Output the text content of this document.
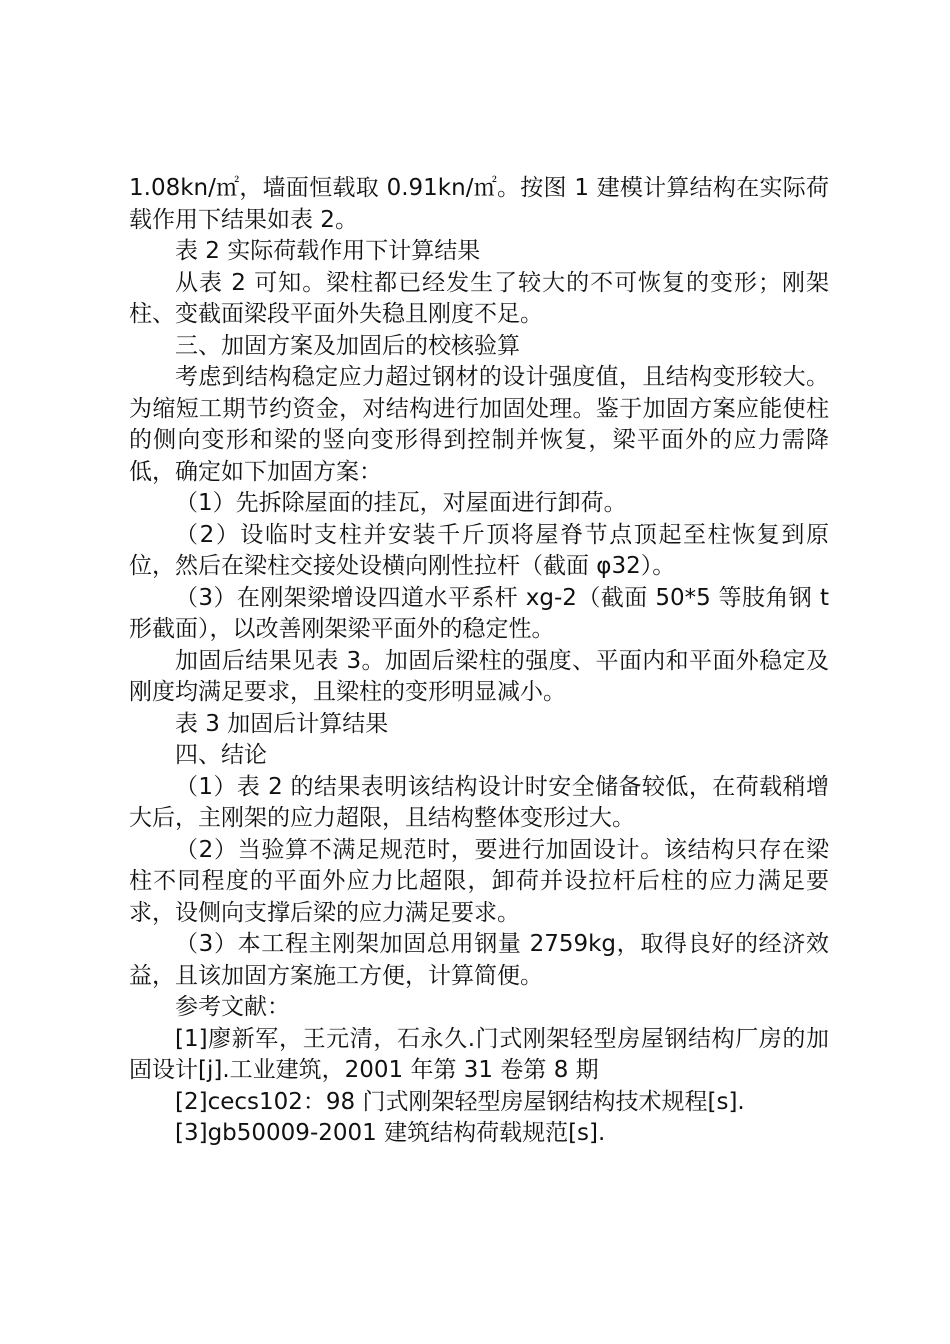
1.08kn/㎡，墙面恒载取 0.91kn/㎡。按图 1 建模计算结构在实际荷载作用下结果如表 2。

表 2 实际荷载作用下计算结果

从表 2 可知。梁柱都已经发生了较大的不可恢复的变形；刚架柱、变截面梁段平面外失稳且刚度不足。

三、加固方案及加固后的校核验算

考虑到结构稳定应力超过钢材的设计强度值，且结构变形较大。为缩短工期节约资金，对结构进行加固处理。鉴于加固方案应能使柱的侧向变形和梁的竖向变形得到控制并恢复，梁平面外的应力需降低，确定如下加固方案：

（1）先拆除屋面的挂瓦，对屋面进行卸荷。

（2）设临时支柱并安装千斤顶将屋脊节点顶起至柱恢复到原位，然后在梁柱交接处设横向刚性拉杆（截面 φ32）。

（3）在刚架梁增设四道水平系杆 xg-2（截面 50*5 等肢角钢 t 形截面），以改善刚架梁平面外的稳定性。

加固后结果见表 3。加固后梁柱的强度、平面内和平面外稳定及刚度均满足要求，且梁柱的变形明显减小。

表 3 加固后计算结果

四、结论

（1）表 2 的结果表明该结构设计时安全储备较低，在荷载稍增大后，主刚架的应力超限，且结构整体变形过大。

（2）当验算不满足规范时，要进行加固设计。该结构只存在梁柱不同程度的平面外应力比超限，卸荷并设拉杆后柱的应力满足要求，设侧向支撑后梁的应力满足要求。

（3）本工程主刚架加固总用钢量 2759kg，取得良好的经济效益，且该加固方案施工方便，计算简便。

参考文献：

[1]廖新军，王元清，石永久.门式刚架轻型房屋钢结构厂房的加固设计[j].工业建筑，2001 年第 31 卷第 8 期

[2]cecs102：98 门式刚架轻型房屋钢结构技术规程[s].

[3]gb50009-2001 建筑结构荷载规范[s].
